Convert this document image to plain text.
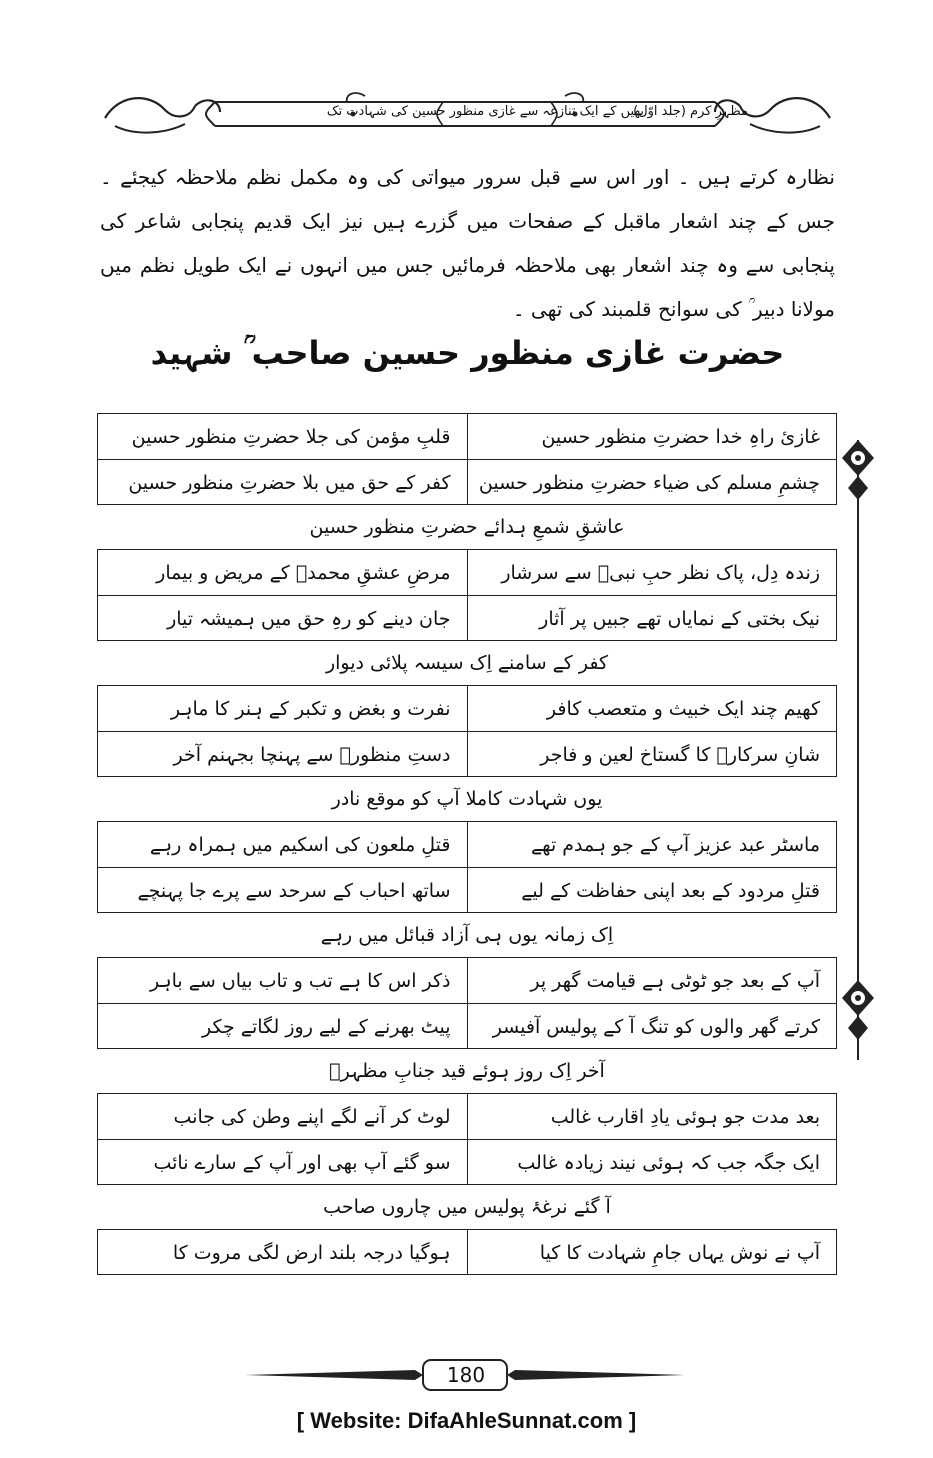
مظہرِ کرم (جلد اوّل)
بھیں کے ایک تنازعہ سے غازی منظور حسین کی شہادت تک

نظارہ کرتے ہیں ۔ اور اس سے قبل سرور میواتی کی وہ مکمل نظم ملاحظہ کیجئے ۔ جس کے چند اشعار ماقبل کے صفحات میں گزرے ہیں نیز ایک قدیم پنجابی شاعر کی پنجابی سے وہ چند اشعار بھی ملاحظہ فرمائیں جس میں انہوں نے ایک طویل نظم میں مولانا دبیر ؒ کی سوانح قلمبند کی تھی ۔

حضرت غازی منظور حسین صاحب ؒ شہید
غازیٔ راہِ خدا حضرتِ منظور حسین
قلبِ مؤمن کی جلا حضرتِ منظور حسین
چشمِ مسلم کی ضیاء حضرتِ منظور حسین
کفر کے حق میں بلا حضرتِ منظور حسین
عاشقِ شمعِ ہدائے حضرتِ منظور حسین
زندہ دِل، پاک نظر حبِ نبیؐ سے سرشار
مرضِ عشقِ محمدؐ کے مریض و بیمار
نیک بختی کے نمایاں تھے جبیں پر آثار
جان دینے کو رہِ حق میں ہمیشہ تیار
کفر کے سامنے اِک سیسہ پلائی دیوار
کھیم چند ایک خبیث و متعصب کافر
نفرت و بغض و تکبر کے ہنر کا ماہر
شانِ سرکارؐ کا گستاخ لعین و فاجر
دستِ منظورؒ سے پہنچا بجہنم آخر
یوں شہادت کاملا آپ کو موقع نادر
ماسٹر عبد عزیز آپ کے جو ہمدم تھے
قتلِ ملعون کی اسکیم میں ہمراہ رہے
قتلِ مردود کے بعد اپنی حفاظت کے لیے
ساتھ احباب کے سرحد سے پرے جا پہنچے
اِک زمانہ یوں ہی آزاد قبائل میں رہے
آپ کے بعد جو ٹوٹی ہے قیامت گھر پر
ذکر اس کا ہے تب و تاب بیاں سے باہر
کرتے گھر والوں کو تنگ آ کے پولیس آفیسر
پیٹ بھرنے کے لیے روز لگاتے چکر
آخر اِک روز ہوئے قید جنابِ مظہرؒ
بعد مدت جو ہوئی یادِ اقارب غالب
لوٹ کر آنے لگے اپنے وطن کی جانب
ایک جگہ جب کہ ہوئی نیند زیادہ غالب
سو گئے آپ بھی اور آپ کے سارے نائب
آ گئے نرغۂ پولیس میں چاروں صاحب
آپ نے نوش یہاں جامِ شہادت کا کیا
ہوگیا درجہ بلند ارض لگی مروت کا
180
[ Website: DifaAhleSunnat.com ]
